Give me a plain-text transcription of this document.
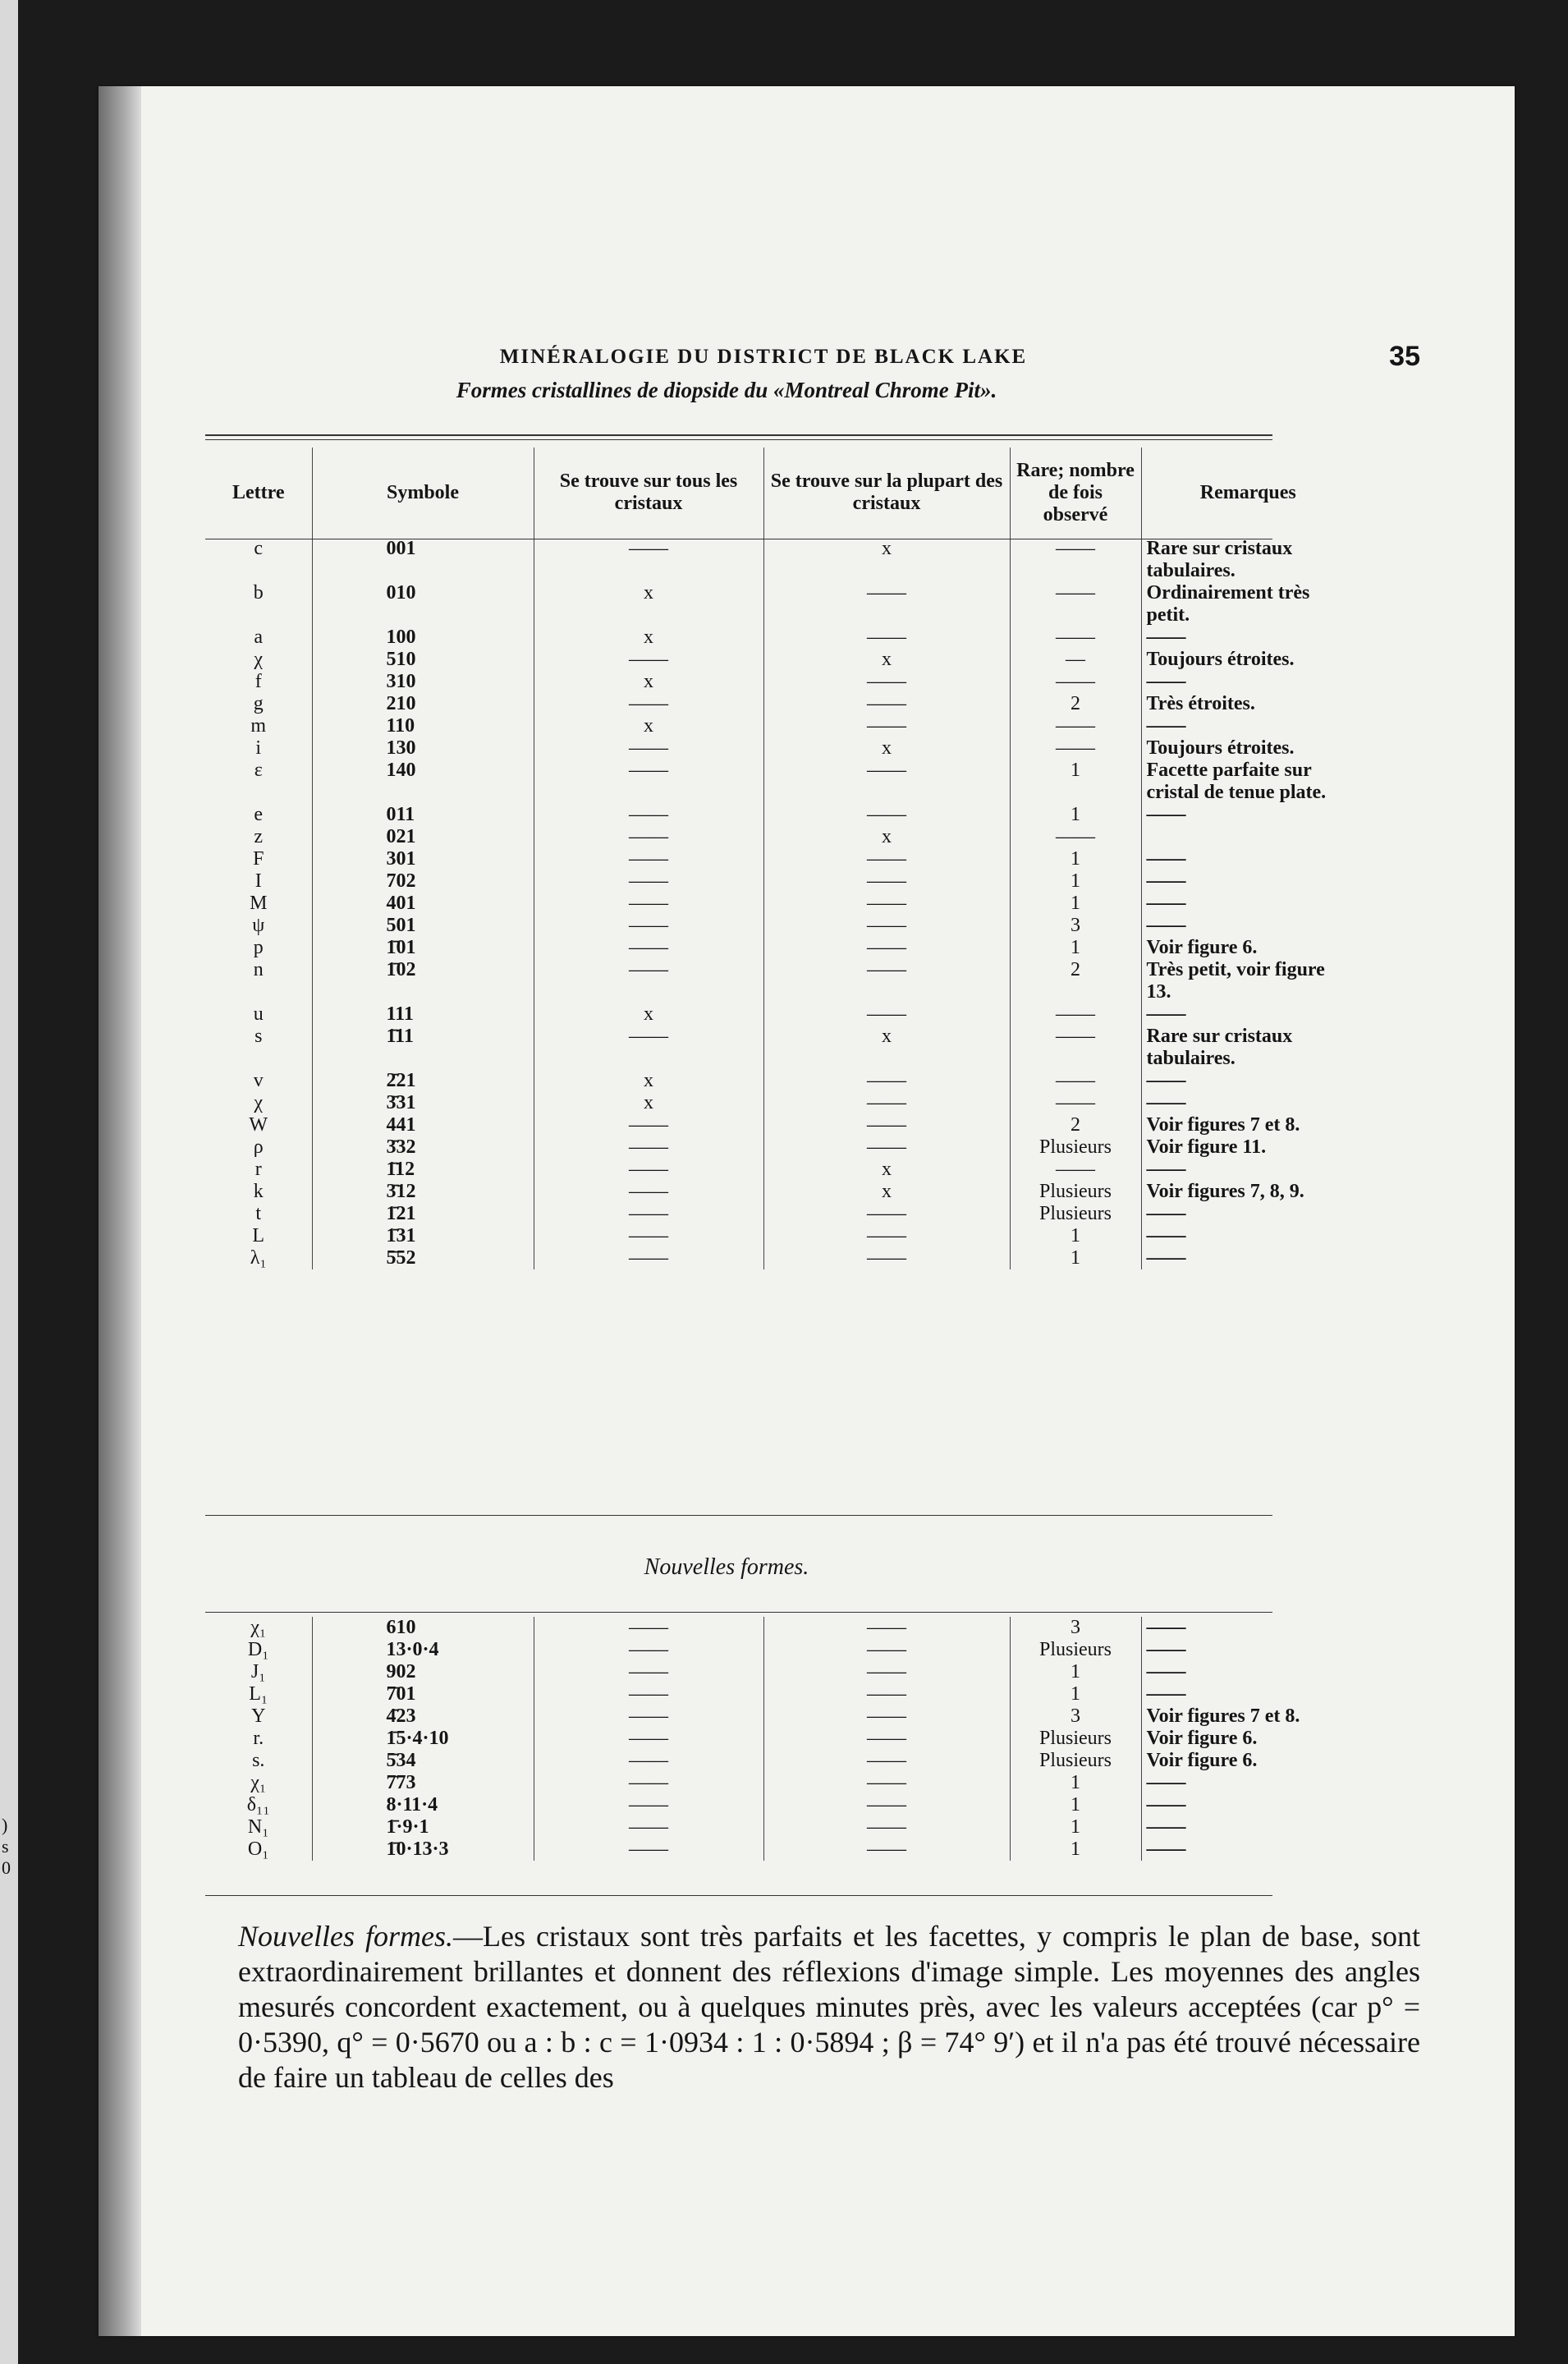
)
s
0
MINÉRALOGIE DU DISTRICT DE BLACK LAKE	35
Formes cristallines de diopside du «Montreal Chrome Pit».
Lettre	Symbole	Se trouve sur tous les cristaux	Se trouve sur la plupart des cristaux	Rare; nombre de fois observé	Remarques
c	001	——	x	——	Rare sur cristaux tabulaires.
b	010	x	——	——	Ordinairement très petit.
a	100	x	——	——	——
χ	510	——	x	—	Toujours étroites.
f	310	x	——	——	——
g	210	——	——	2	Très étroites.
m	110	x	——	——	——
i	130	——	x	——	Toujours étroites.
ε	140	——	——	1	Facette parfaite sur cristal de tenue plate.
e	011	——	——	1	——
z	021	——	x	——	
F	301	——	——	1	——
I	702	——	——	1	——
M	401	——	——	1	——
ψ	501	——	——	3	——
p	1̄01	——	——	1	Voir figure 6.
n	1̄02	——	——	2	Très petit, voir figure 13.
u	111	x	——	——	——
s	1̄11	——	x	——	Rare sur cristaux tabulaires.
v	2̄21	x	——	——	——
χ	3̄31	x	——	——	——
W	441	——	——	2	Voir figures 7 et 8.
ρ	3̄32	——	——	Plusieurs	Voir figure 11.
r	1̄12	——	x	——	——
k	3̄12	——	x	Plusieurs	Voir figures 7, 8, 9.
t	1̄21	——	——	Plusieurs	——
L	1̄31	——	——	1	——
λ₁	5̄52	——	——	1	——
Nouvelles formes.
χ₁	610	——	——	3	——
D₁	13·0·4	——	——	Plusieurs	——
J₁	902	——	——	1	——
L₁	7̄01	——	——	1	——
Y	4̄23	——	——	3	Voir figures 7 et 8.
r.	1̄5·4·10	——	——	Plusieurs	Voir figure 6.
s.	5̄34	——	——	Plusieurs	Voir figure 6.
χ₁	7̄73	——	——	1	——
δ₁₁	8·11·4	——	——	1	——
N₁	1̄·9·1	——	——	1	——
O₁	1̄0·13·3	——	——	1	——
Nouvelles formes.—Les cristaux sont très parfaits et les facettes, y compris le plan de base, sont extraordinairement brillantes et donnent des réflexions d'image simple. Les moyennes des angles mesurés concordent exactement, ou à quelques minutes près, avec les valeurs acceptées (car p° = 0·5390, q° = 0·5670 ou a : b : c = 1·0934 : 1 : 0·5894 ; β = 74° 9′) et il n'a pas été trouvé nécessaire de faire un tableau de celles des
